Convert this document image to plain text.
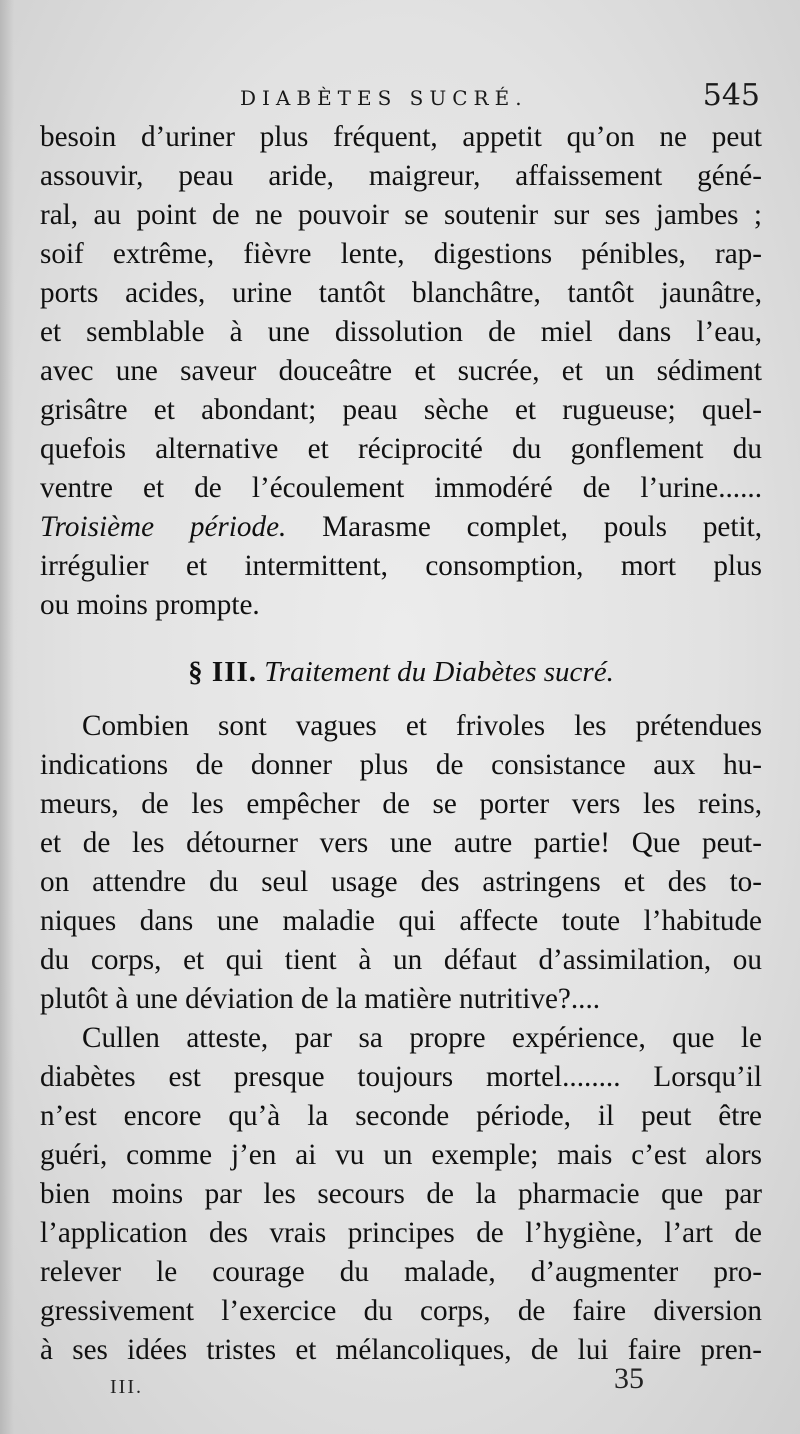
DIABÈTES SUCRÉ.	545
besoin d’uriner plus fréquent, appetit qu’on ne peut
assouvir, peau aride, maigreur, affaissement géné-
ral, au point de ne pouvoir se soutenir sur ses jambes ;
soif extrême, fièvre lente, digestions pénibles, rap-
ports acides, urine tantôt blanchâtre, tantôt jaunâtre,
et semblable à une dissolution de miel dans l’eau,
avec une saveur douceâtre et sucrée, et un sédiment
grisâtre et abondant; peau sèche et rugueuse; quel-
quefois alternative et réciprocité du gonflement du
ventre et de l’écoulement immodéré de l’urine......
Troisième période. Marasme complet, pouls petit,
irrégulier et intermittent, consomption, mort plus
ou moins prompte.
§ III. Traitement du Diabètes sucré.
Combien sont vagues et frivoles les prétendues
indications de donner plus de consistance aux hu-
meurs, de les empêcher de se porter vers les reins,
et de les détourner vers une autre partie! Que peut-
on attendre du seul usage des astringens et des to-
niques dans une maladie qui affecte toute l’habitude
du corps, et qui tient à un défaut d’assimilation, ou
plutôt à une déviation de la matière nutritive?....
Cullen atteste, par sa propre expérience, que le
diabètes est presque toujours mortel........ Lorsqu’il
n’est encore qu’à la seconde période, il peut être
guéri, comme j’en ai vu un exemple; mais c’est alors
bien moins par les secours de la pharmacie que par
l’application des vrais principes de l’hygiène, l’art de
relever le courage du malade, d’augmenter pro-
gressivement l’exercice du corps, de faire diversion
à ses idées tristes et mélancoliques, de lui faire pren-
III.	35
